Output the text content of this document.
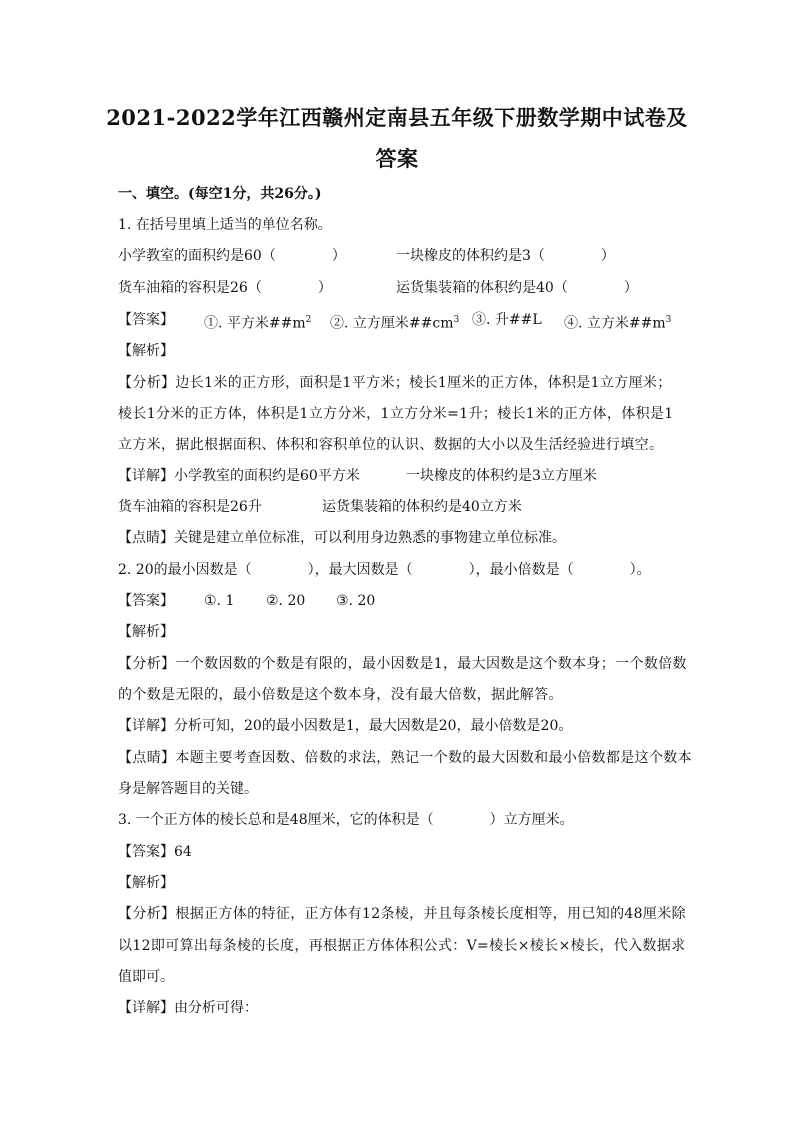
2021-2022学年江西赣州定南县五年级下册数学期中试卷及
答案
一、填空。(每空1分，共26分。)
1. 在括号里填上适当的单位名称。
小学教室的面积约是60（　　　　）	一块橡皮的体积约是3（　　　　）
货车油箱的容积是26（　　　　）	运货集装箱的体积约是40（　　　　）
【答案】 ①. 平方米$\#\#m^2$ ②. 立方厘米$\#\#cm^3$ ③. 升##L ④. 立方米$\#\#m^3$
【解析】
【分析】边长1米的正方形，面积是1平方米；棱长1厘米的正方体，体积是1立方厘米；
棱长1分米的正方体，体积是1立方分米，1立方分米=1升；棱长1米的正方体，体积是1
立方米，据此根据面积、体积和容积单位的认识、数据的大小以及生活经验进行填空。
【详解】小学教室的面积约是60平方米	一块橡皮的体积约是3立方厘米
货车油箱的容积是26升	运货集装箱的体积约是40立方米
【点睛】关键是建立单位标准，可以利用身边熟悉的事物建立单位标准。
2. 20的最小因数是（　　　　），最大因数是（　　　　），最小倍数是（　　　　）。
【答案】 ①. 1 ②. 20 ③. 20
【解析】
【分析】一个数因数的个数是有限的，最小因数是1，最大因数是这个数本身；一个数倍数
的个数是无限的，最小倍数是这个数本身，没有最大倍数，据此解答。
【详解】分析可知，20的最小因数是1，最大因数是20，最小倍数是20。
【点睛】本题主要考查因数、倍数的求法，熟记一个数的最大因数和最小倍数都是这个数本
身是解答题目的关键。
3. 一个正方体的棱长总和是48厘米，它的体积是（　　　　）立方厘米。
【答案】64
【解析】
【分析】根据正方体的特征，正方体有12条棱，并且每条棱长度相等，用已知的48厘米除
以12即可算出每条棱的长度，再根据正方体体积公式：V=棱长×棱长×棱长，代入数据求
值即可。
【详解】由分析可得：
